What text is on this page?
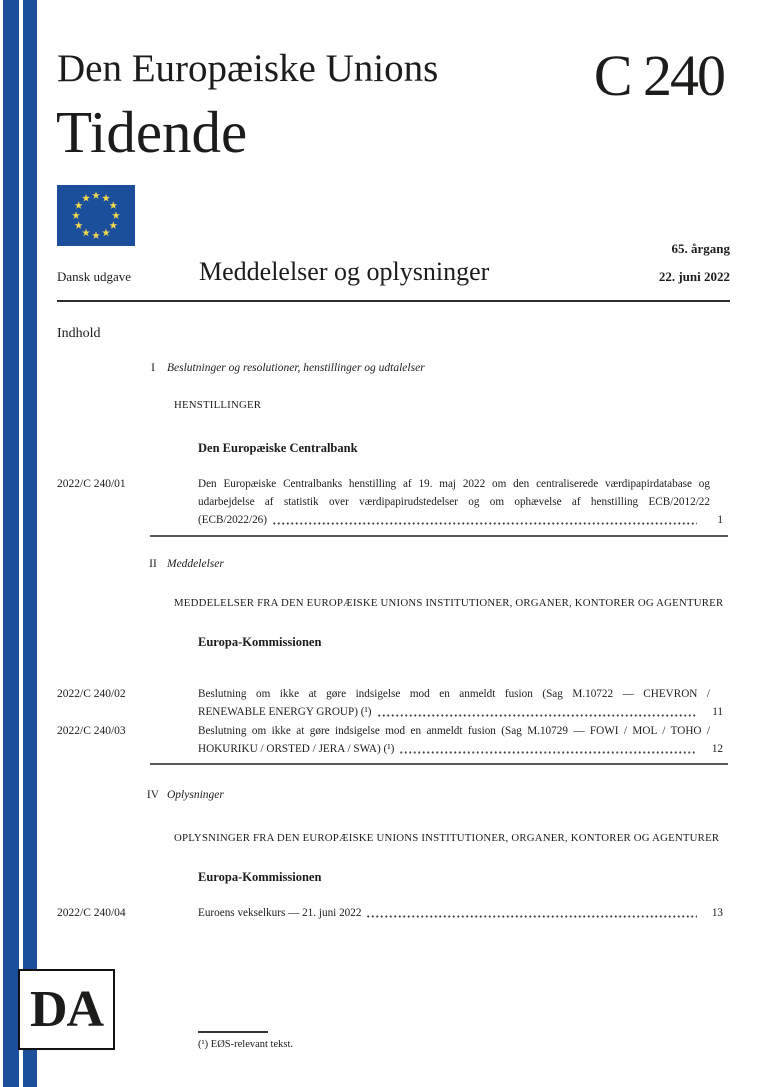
Den Europæiske Unions
Tidende
C 240
65. årgang
Dansk udgave	Meddelelser og oplysninger	22. juni 2022
Indhold
I	Beslutninger og resolutioner, henstillinger og udtalelser
HENSTILLINGER
Den Europæiske Centralbank
2022/C 240/01	Den Europæiske Centralbanks henstilling af 19. maj 2022 om den centraliserede værdipapirdatabase og
udarbejdelse af statistik over værdipapirudstedelser og om ophævelse af henstilling ECB/2012/22
(ECB/2022/26)	1
II Meddelelser
MEDDELELSER FRA DEN EUROPÆISKE UNIONS INSTITUTIONER, ORGANER, KONTORER OG AGENTURER
Europa-Kommissionen
2022/C 240/02	Beslutning om ikke at gøre indsigelse mod en anmeldt fusion (Sag M.10722 — CHEVRON /
RENEWABLE ENERGY GROUP) (¹)	11
2022/C 240/03	Beslutning om ikke at gøre indsigelse mod en anmeldt fusion (Sag M.10729 — FOWI / MOL / TOHO /
HOKURIKU / ORSTED / JERA / SWA) (¹)	12
IV Oplysninger
OPLYSNINGER FRA DEN EUROPÆISKE UNIONS INSTITUTIONER, ORGANER, KONTORER OG AGENTURER
Europa-Kommissionen
2022/C 240/04	Euroens vekselkurs — 21. juni 2022	13
(¹) EØS-relevant tekst.
DA
